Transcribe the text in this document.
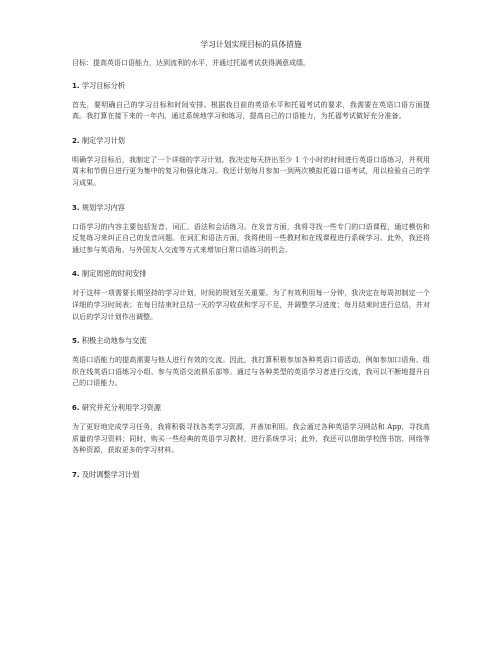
学习计划实现目标的具体措施

目标：提高英语口语能力，达到流利的水平，并通过托福考试获得满意成绩。

1. 学习目标分析

首先，要明确自己的学习目标和时间安排。根据我目前的英语水平和托福考试的要求，我需要在英语口语方面提高。我打算在接下来的一年内，通过系统地学习和练习，提高自己的口语能力，为托福考试做好充分准备。

2. 制定学习计划

明确学习目标后，我制定了一个详细的学习计划。我决定每天挤出至少 1 个小时的时间进行英语口语练习，并利用周末和节假日进行更为集中的复习和强化练习。我还计划每月参加一到两次模拟托福口语考试，用以检验自己的学习成果。

3. 规划学习内容

口语学习的内容主要包括发音、词汇、语法和会话练习。在发音方面，我将寻找一些专门的口语课程，通过模仿和反复练习来纠正自己的发音问题。在词汇和语法方面，我将使用一些教材和在线课程进行系统学习。此外，我还将通过参与英语角、与外国友人交流等方式来增加日常口语练习的机会。

4. 制定周密的时间安排

对于这样一项需要长期坚持的学习计划，时间的规划至关重要。为了有效利用每一分钟，我决定在每周初制定一个详细的学习时间表；在每日结束时总结一天的学习收获和学习不足，并调整学习进度；每月结束时进行总结，并对以后的学习计划作出调整。

5. 积极主动地参与交流

英语口语能力的提高需要与他人进行有效的交流。因此，我打算积极参加各种英语口语活动，例如参加口语角、组织在线英语口语练习小组、参与英语交流俱乐部等。通过与各种类型的英语学习者进行交流，我可以不断地提升自己的口语能力。

6. 研究并充分利用学习资源

为了更好地完成学习任务，我将积极寻找各类学习资源，并善加利用。我会通过各种英语学习网站和 App，寻找高质量的学习资料；同时，购买一些经典的英语学习教材，进行系统学习；此外，我还可以借助学校图书馆、网络等各种资源，获取更多的学习材料。

7. 及时调整学习计划
